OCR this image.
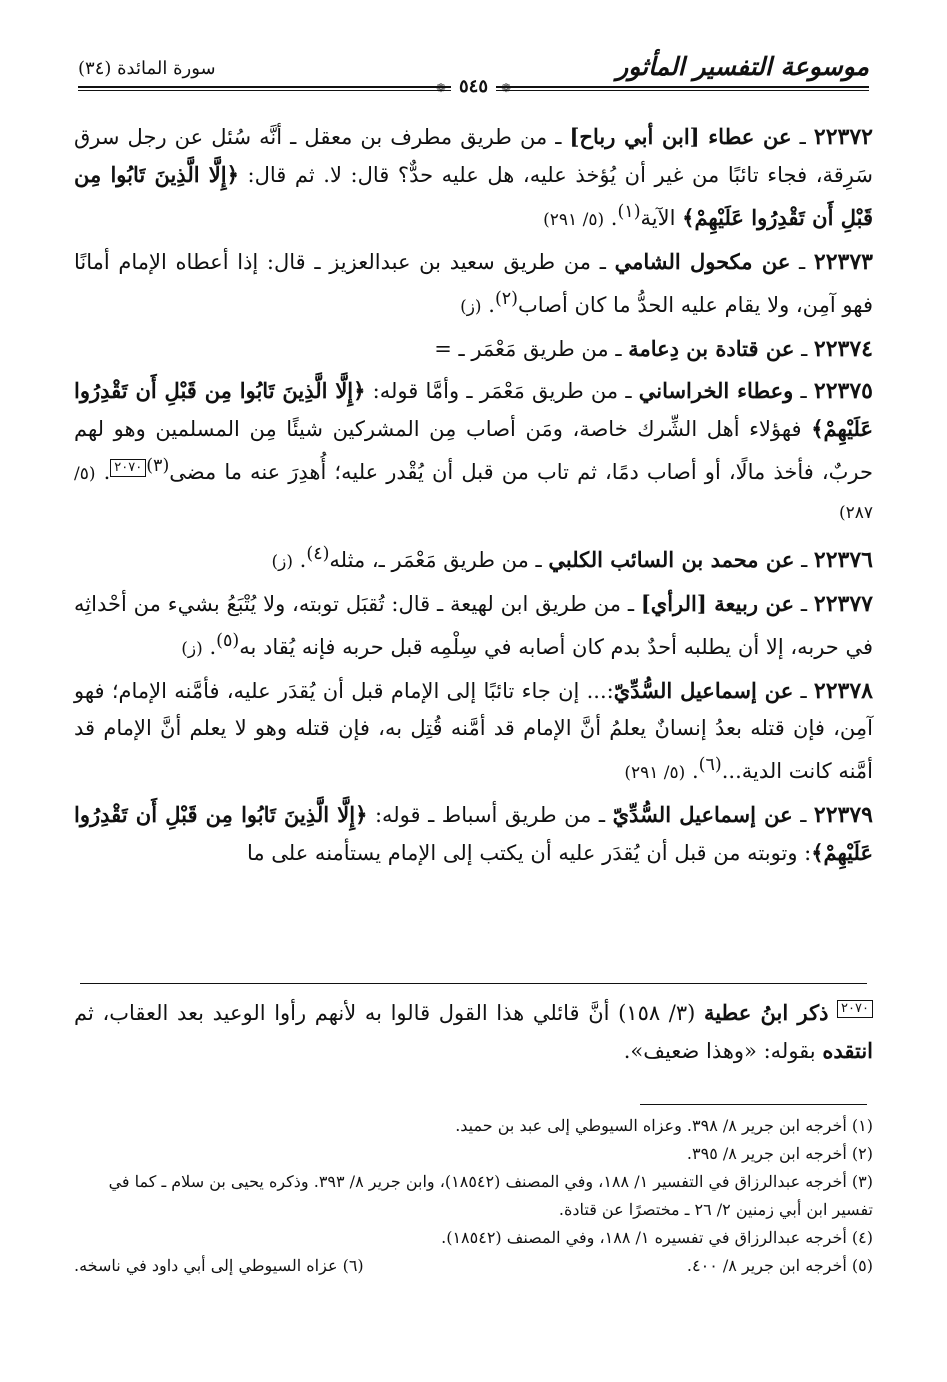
موسوعة التفسير المأثور
❁ ٥٤٥ ❁
سورة المائدة (٣٤)

٢٢٣٧٢ ـ عن عطاء [ابن أبي رباح] ـ من طريق مطرف بن معقل ـ أنَّه سُئل عن رجل سرق سَرِقة، فجاء تائبًا من غير أن يُؤخذ عليه، هل عليه حدٌّ؟ قال: لا. ثم قال: ﴿إِلَّا الَّذِينَ تَابُوا مِن قَبْلِ أَن تَقْدِرُوا عَلَيْهِمْ﴾ الآية$^{(١)}$. (٥/ ٢٩١)

٢٢٣٧٣ ـ عن مكحول الشامي ـ من طريق سعيد بن عبدالعزيز ـ قال: إذا أعطاه الإمام أمانًا فهو آمِن، ولا يقام عليه الحدُّ ما كان أصاب$^{(٢)}$. (ز)

٢٢٣٧٤ ـ عن قتادة بن دِعامة ـ من طريق مَعْمَر ـ =

٢٢٣٧٥ ـ وعطاء الخراساني ـ من طريق مَعْمَر ـ وأمَّا قوله: ﴿إِلَّا الَّذِينَ تَابُوا مِن قَبْلِ أَن تَقْدِرُوا عَلَيْهِمْ﴾ فهؤلاء أهل الشِّرك خاصة، ومَن أصاب مِن المشركين شيئًا مِن المسلمين وهو لهم حربٌ، فأخذ مالًا، أو أصاب دمًا، ثم تاب من قبل أن يُقْدر عليه؛ أُهدِرَ عنه ما مضى$^{(٣)}$٢٠٧٠. (٥/ ٢٨٧)

٢٢٣٧٦ ـ عن محمد بن السائب الكلبي ـ من طريق مَعْمَر ـ، مثله$^{(٤)}$. (ز)

٢٢٣٧٧ ـ عن ربيعة [الرأي] ـ من طريق ابن لهيعة ـ قال: تُقبَل توبته، ولا يُتْبَعُ بشيء من أحْداثِه في حربه، إلا أن يطلبه أحدٌ بدم كان أصابه في سِلْمِه قبل حربه فإنه يُقاد به$^{(٥)}$. (ز)

٢٢٣٧٨ ـ عن إسماعيل السُّدِّيّ:... إن جاء تائبًا إلى الإمام قبل أن يُقدَر عليه، فأمَّنه الإمام؛ فهو آمِن، فإن قتله بعدُ إنسانٌ يعلمُ أنَّ الإمام قد أمَّنه قُتِل به، فإن قتله وهو لا يعلم أنَّ الإمام قد أمَّنه كانت الدية...$^{(٦)}$. (٥/ ٢٩١)

٢٢٣٧٩ ـ عن إسماعيل السُّدِّيّ ـ من طريق أسباط ـ قوله: ﴿إِلَّا الَّذِينَ تَابُوا مِن قَبْلِ أَن تَقْدِرُوا عَلَيْهِمْ﴾: وتوبته من قبل أن يُقدَر عليه أن يكتب إلى الإمام يستأمنه على ما

٢٠٧٠ ذكر ابنُ عطية (٣/ ١٥٨) أنَّ قائلي هذا القول قالوا به لأنهم رأوا الوعيد بعد العقاب، ثم انتقده بقوله: «وهذا ضعيف».

(١) أخرجه ابن جرير ٨/ ٣٩٨. وعزاه السيوطي إلى عبد بن حميد.

(٢) أخرجه ابن جرير ٨/ ٣٩٥.

(٣) أخرجه عبدالرزاق في التفسير ١/ ١٨٨، وفي المصنف (١٨٥٤٢)، وابن جرير ٨/ ٣٩٣. وذكره يحيى بن سلام ـ كما في تفسير ابن أبي زمنين ٢/ ٢٦ ـ مختصرًا عن قتادة.

(٤) أخرجه عبدالرزاق في تفسيره ١/ ١٨٨، وفي المصنف (١٨٥٤٢).

(٥) أخرجه ابن جرير ٨/ ٤٠٠.
(٦) عزاه السيوطي إلى أبي داود في ناسخه.
